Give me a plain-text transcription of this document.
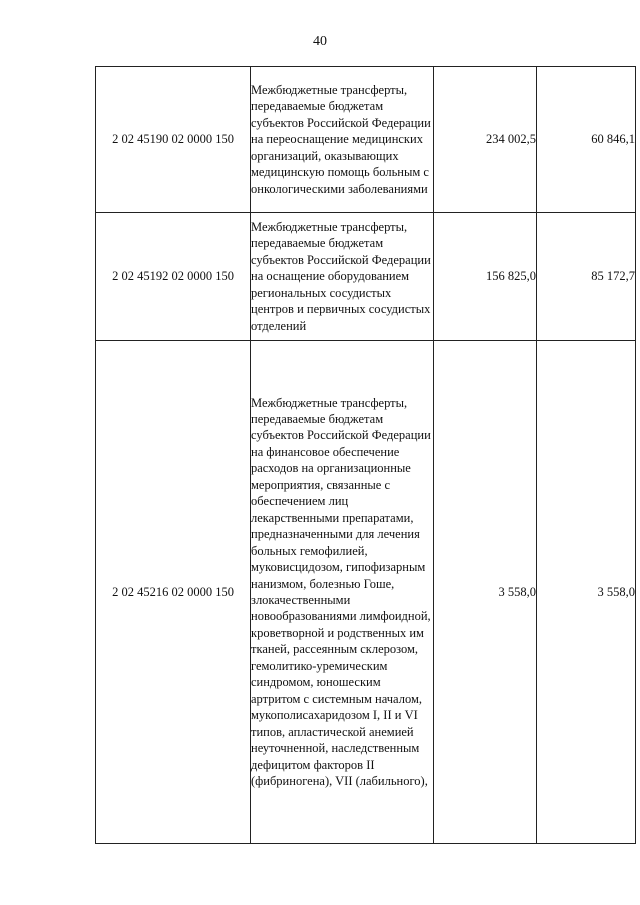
40
2 02 45190 02 0000 150	Межбюджетные трансферты, передаваемые бюджетам субъектов Российской Федерации на переоснащение медицинских организаций, оказывающих медицинскую помощь больным с онкологическими заболеваниями	234 002,5	60 846,1
2 02 45192 02 0000 150	Межбюджетные трансферты, передаваемые бюджетам субъектов Российской Федерации на оснащение оборудованием региональных сосудистых центров и первичных сосудистых отделений	156 825,0	85 172,7
2 02 45216 02 0000 150	Межбюджетные трансферты, передаваемые бюджетам субъектов Российской Федерации на финансовое обеспечение расходов на организационные мероприятия, связанные с обеспечением лиц лекарственными препаратами, предназначенными для лечения больных гемофилией, муковисцидозом, гипофизарным нанизмом, болезнью Гоше, злокачественными новообразованиями лимфоидной, кроветворной и родственных им тканей, рассеянным склерозом, гемолитико-уремическим синдромом, юношеским артритом с системным началом, мукополисахаридозом I, II и VI типов, апластической анемией неуточненной, наследственным дефицитом факторов II (фибриногена), VII (лабильного),	3 558,0	3 558,0
